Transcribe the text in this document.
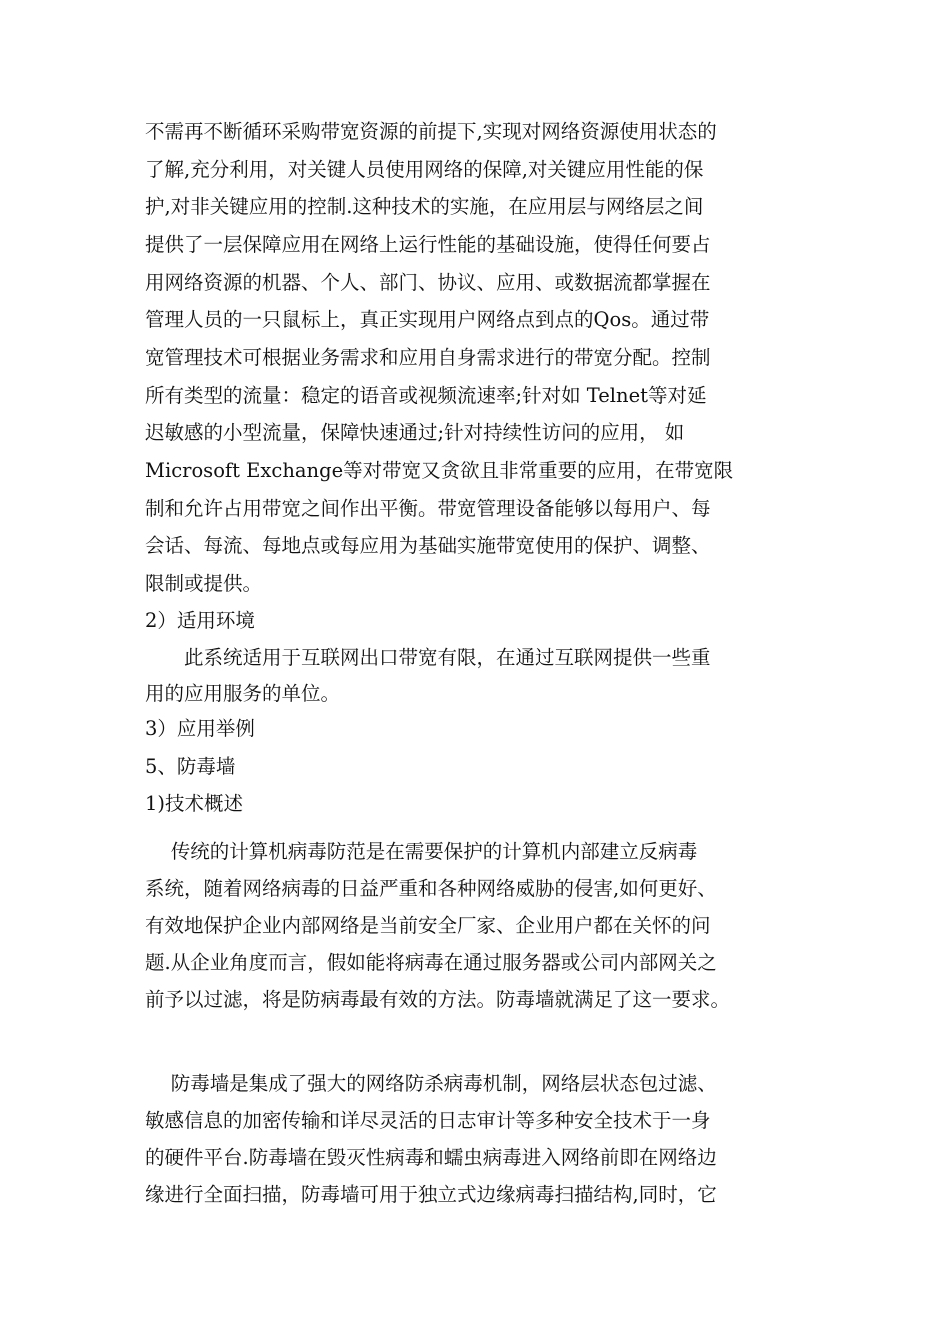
不需再不断循环采购带宽资源的前提下,实现对网络资源使用状态的
了解,充分利用，对关键人员使用网络的保障,对关键应用性能的保
护,对非关键应用的控制.这种技术的实施，在应用层与网络层之间
提供了一层保障应用在网络上运行性能的基础设施，使得任何要占
用网络资源的机器、个人、部门、协议、应用、或数据流都掌握在
管理人员的一只鼠标上，真正实现用户网络点到点的Qos。通过带
宽管理技术可根据业务需求和应用自身需求进行的带宽分配。控制
所有类型的流量：稳定的语音或视频流速率;针对如 Telnet等对延
迟敏感的小型流量，保障快速通过;针对持续性访问的应用， 如
Microsoft Exchange等对带宽又贪欲且非常重要的应用，在带宽限
制和允许占用带宽之间作出平衡。带宽管理设备能够以每用户、每
会话、每流、每地点或每应用为基础实施带宽使用的保护、调整、
限制或提供。
2）适用环境
　　此系统适用于互联网出口带宽有限，在通过互联网提供一些重
用的应用服务的单位。
3）应用举例
5、防毒墙
1)技术概述
　 传统的计算机病毒防范是在需要保护的计算机内部建立反病毒
系统，随着网络病毒的日益严重和各种网络威胁的侵害,如何更好、
有效地保护企业内部网络是当前安全厂家、企业用户都在关怀的问
题.从企业角度而言，假如能将病毒在通过服务器或公司内部网关之
前予以过滤，将是防病毒最有效的方法。防毒墙就满足了这一要求。
　 防毒墙是集成了强大的网络防杀病毒机制，网络层状态包过滤、
敏感信息的加密传输和详尽灵活的日志审计等多种安全技术于一身
的硬件平台.防毒墙在毁灭性病毒和蠕虫病毒进入网络前即在网络边
缘进行全面扫描，防毒墙可用于独立式边缘病毒扫描结构,同时，它
